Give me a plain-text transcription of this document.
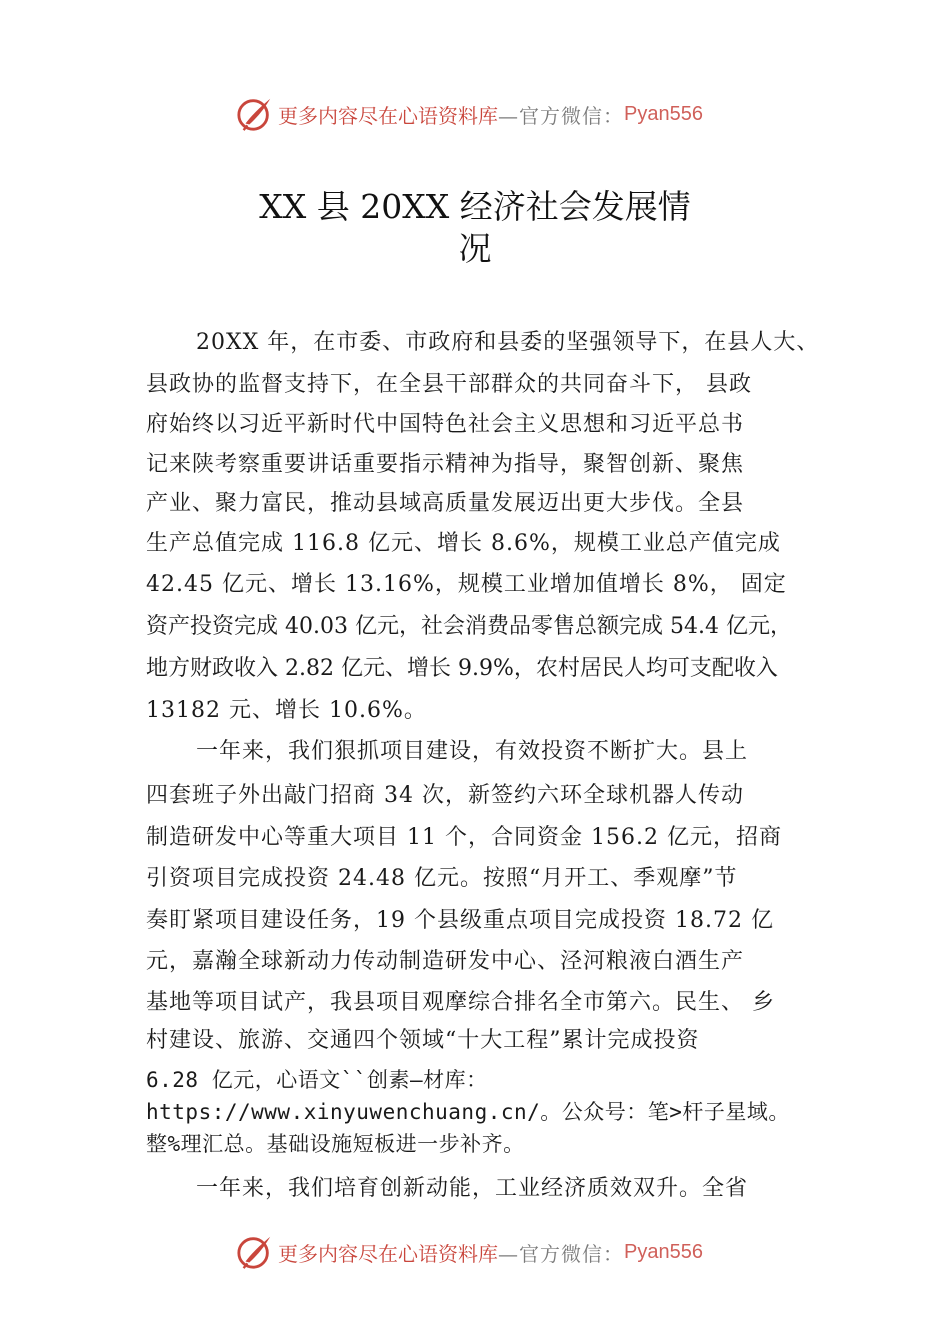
更多内容尽在心语资料库 —官方微信： Pyan556
XX 县 20XX 经济社会发展情
况
20XX 年，在市委、市政府和县委的坚强领导下，在县人大、
县政协的监督支持下，在全县干部群众的共同奋斗下， 县政
府始终以习近平新时代中国特色社会主义思想和习近平总书
记来陕考察重要讲话重要指示精神为指导，聚智创新、聚焦
产业、聚力富民，推动县域高质量发展迈出更大步伐。全县
生产总值完成 116.8 亿元、增长 8.6%，规模工业总产值完成
42.45 亿元、增长 13.16%，规模工业增加值增长 8%， 固定
资产投资完成 40.03 亿元，社会消费品零售总额完成 54.4 亿元，
地方财政收入 2.82 亿元、增长 9.9%，农村居民人均可支配收入
13182 元、增长 10.6%。
一年来，我们狠抓项目建设，有效投资不断扩大。县上
四套班子外出敲门招商 34 次，新签约六环全球机器人传动
制造研发中心等重大项目 11 个，合同资金 156.2 亿元，招商
引资项目完成投资 24.48 亿元。按照“月开工、季观摩”节
奏盯紧项目建设任务，19 个县级重点项目完成投资 18.72 亿
元，嘉瀚全球新动力传动制造研发中心、泾河粮液白酒生产
基地等项目试产，我县项目观摩综合排名全市第六。民生、 乡
村建设、旅游、交通四个领域“十大工程”累计完成投资
6.28 亿元，心语文``创素—材库：
https://www.xinyuwenchuang.cn/。公众号：笔>杆子星域。
整%理汇总。基础设施短板进一步补齐。
一年来，我们培育创新动能，工业经济质效双升。全省
更多内容尽在心语资料库 —官方微信： Pyan556
